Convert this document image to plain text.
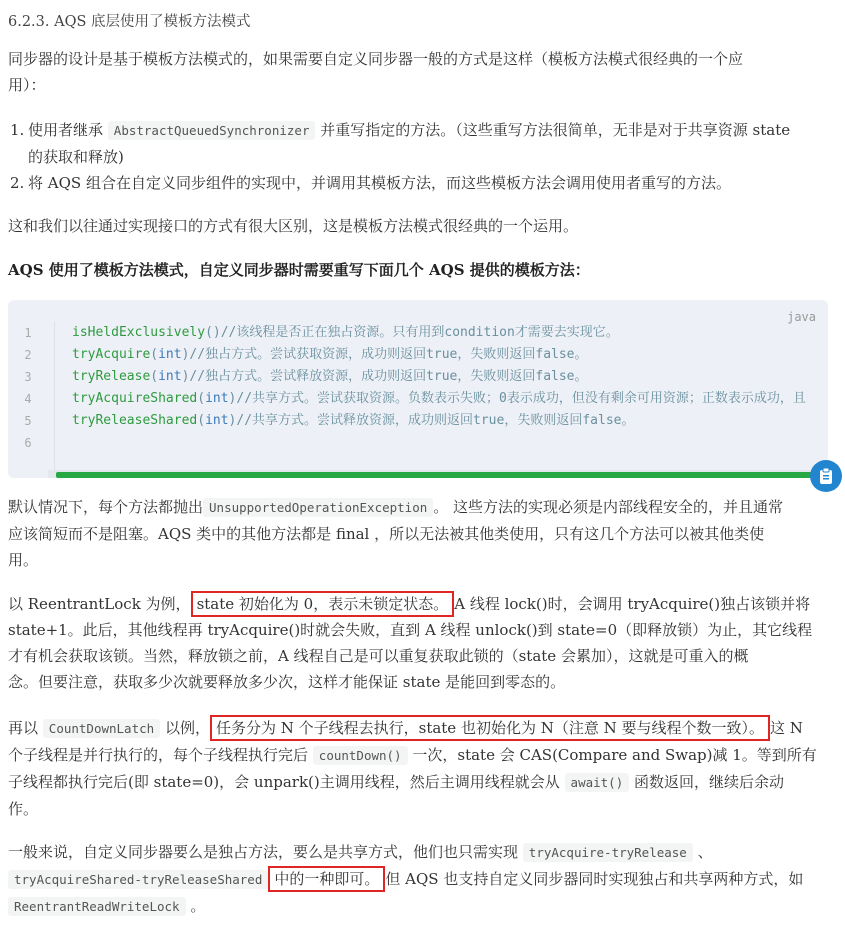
6.2.3. AQS 底层使用了模板方法模式
同步器的设计是基于模板方法模式的，如果需要自定义同步器一般的方式是这样（模板方法模式很经典的一个应
用）：
1. 使用者继承 AbstractQueuedSynchronizer 并重写指定的方法。（这些重写方法很简单，无非是对于共享资源 state
的获取和释放)
2. 将 AQS 组合在自定义同步组件的实现中，并调用其模板方法，而这些模板方法会调用使用者重写的方法。
这和我们以往通过实现接口的方式有很大区别，这是模板方法模式很经典的一个运用。
AQS 使用了模板方法模式，自定义同步器时需要重写下面几个 AQS 提供的模板方法：
java
1
2
3
4
5
6
isHeldExclusively()//该线程是否正在独占资源。只有用到condition才需要去实现它。
tryAcquire(int)//独占方式。尝试获取资源，成功则返回true，失败则返回false。
tryRelease(int)//独占方式。尝试释放资源，成功则返回true，失败则返回false。
tryAcquireShared(int)//共享方式。尝试获取资源。负数表示失败；0表示成功，但没有剩余可用资源；正数表示成功，且
tryReleaseShared(int)//共享方式。尝试释放资源，成功则返回true，失败则返回false。
默认情况下，每个方法都抛出 UnsupportedOperationException 。 这些方法的实现必须是内部线程安全的，并且通常
应该简短而不是阻塞。AQS 类中的其他方法都是 final ，所以无法被其他类使用，只有这几个方法可以被其他类使
用。
以 ReentrantLock 为例， state 初始化为 0，表示未锁定状态。 A 线程 lock()时，会调用 tryAcquire()独占该锁并将
state+1。此后，其他线程再 tryAcquire()时就会失败，直到 A 线程 unlock()到 state=0（即释放锁）为止，其它线程
才有机会获取该锁。当然，释放锁之前，A 线程自己是可以重复获取此锁的（state 会累加），这就是可重入的概
念。但要注意，获取多少次就要释放多少次，这样才能保证 state 是能回到零态的。
再以 CountDownLatch 以例， 任务分为 N 个子线程去执行，state 也初始化为 N（注意 N 要与线程个数一致）。 这 N
个子线程是并行执行的，每个子线程执行完后 countDown() 一次，state 会 CAS(Compare and Swap)减 1。等到所有
子线程都执行完后(即 state=0)，会 unpark()主调用线程，然后主调用线程就会从 await() 函数返回，继续后余动
作。
一般来说，自定义同步器要么是独占方法，要么是共享方式，他们也只需实现 tryAcquire-tryRelease 、
tryAcquireShared-tryReleaseShared 中的一种即可。 但 AQS 也支持自定义同步器同时实现独占和共享两种方式，如
ReentrantReadWriteLock 。
